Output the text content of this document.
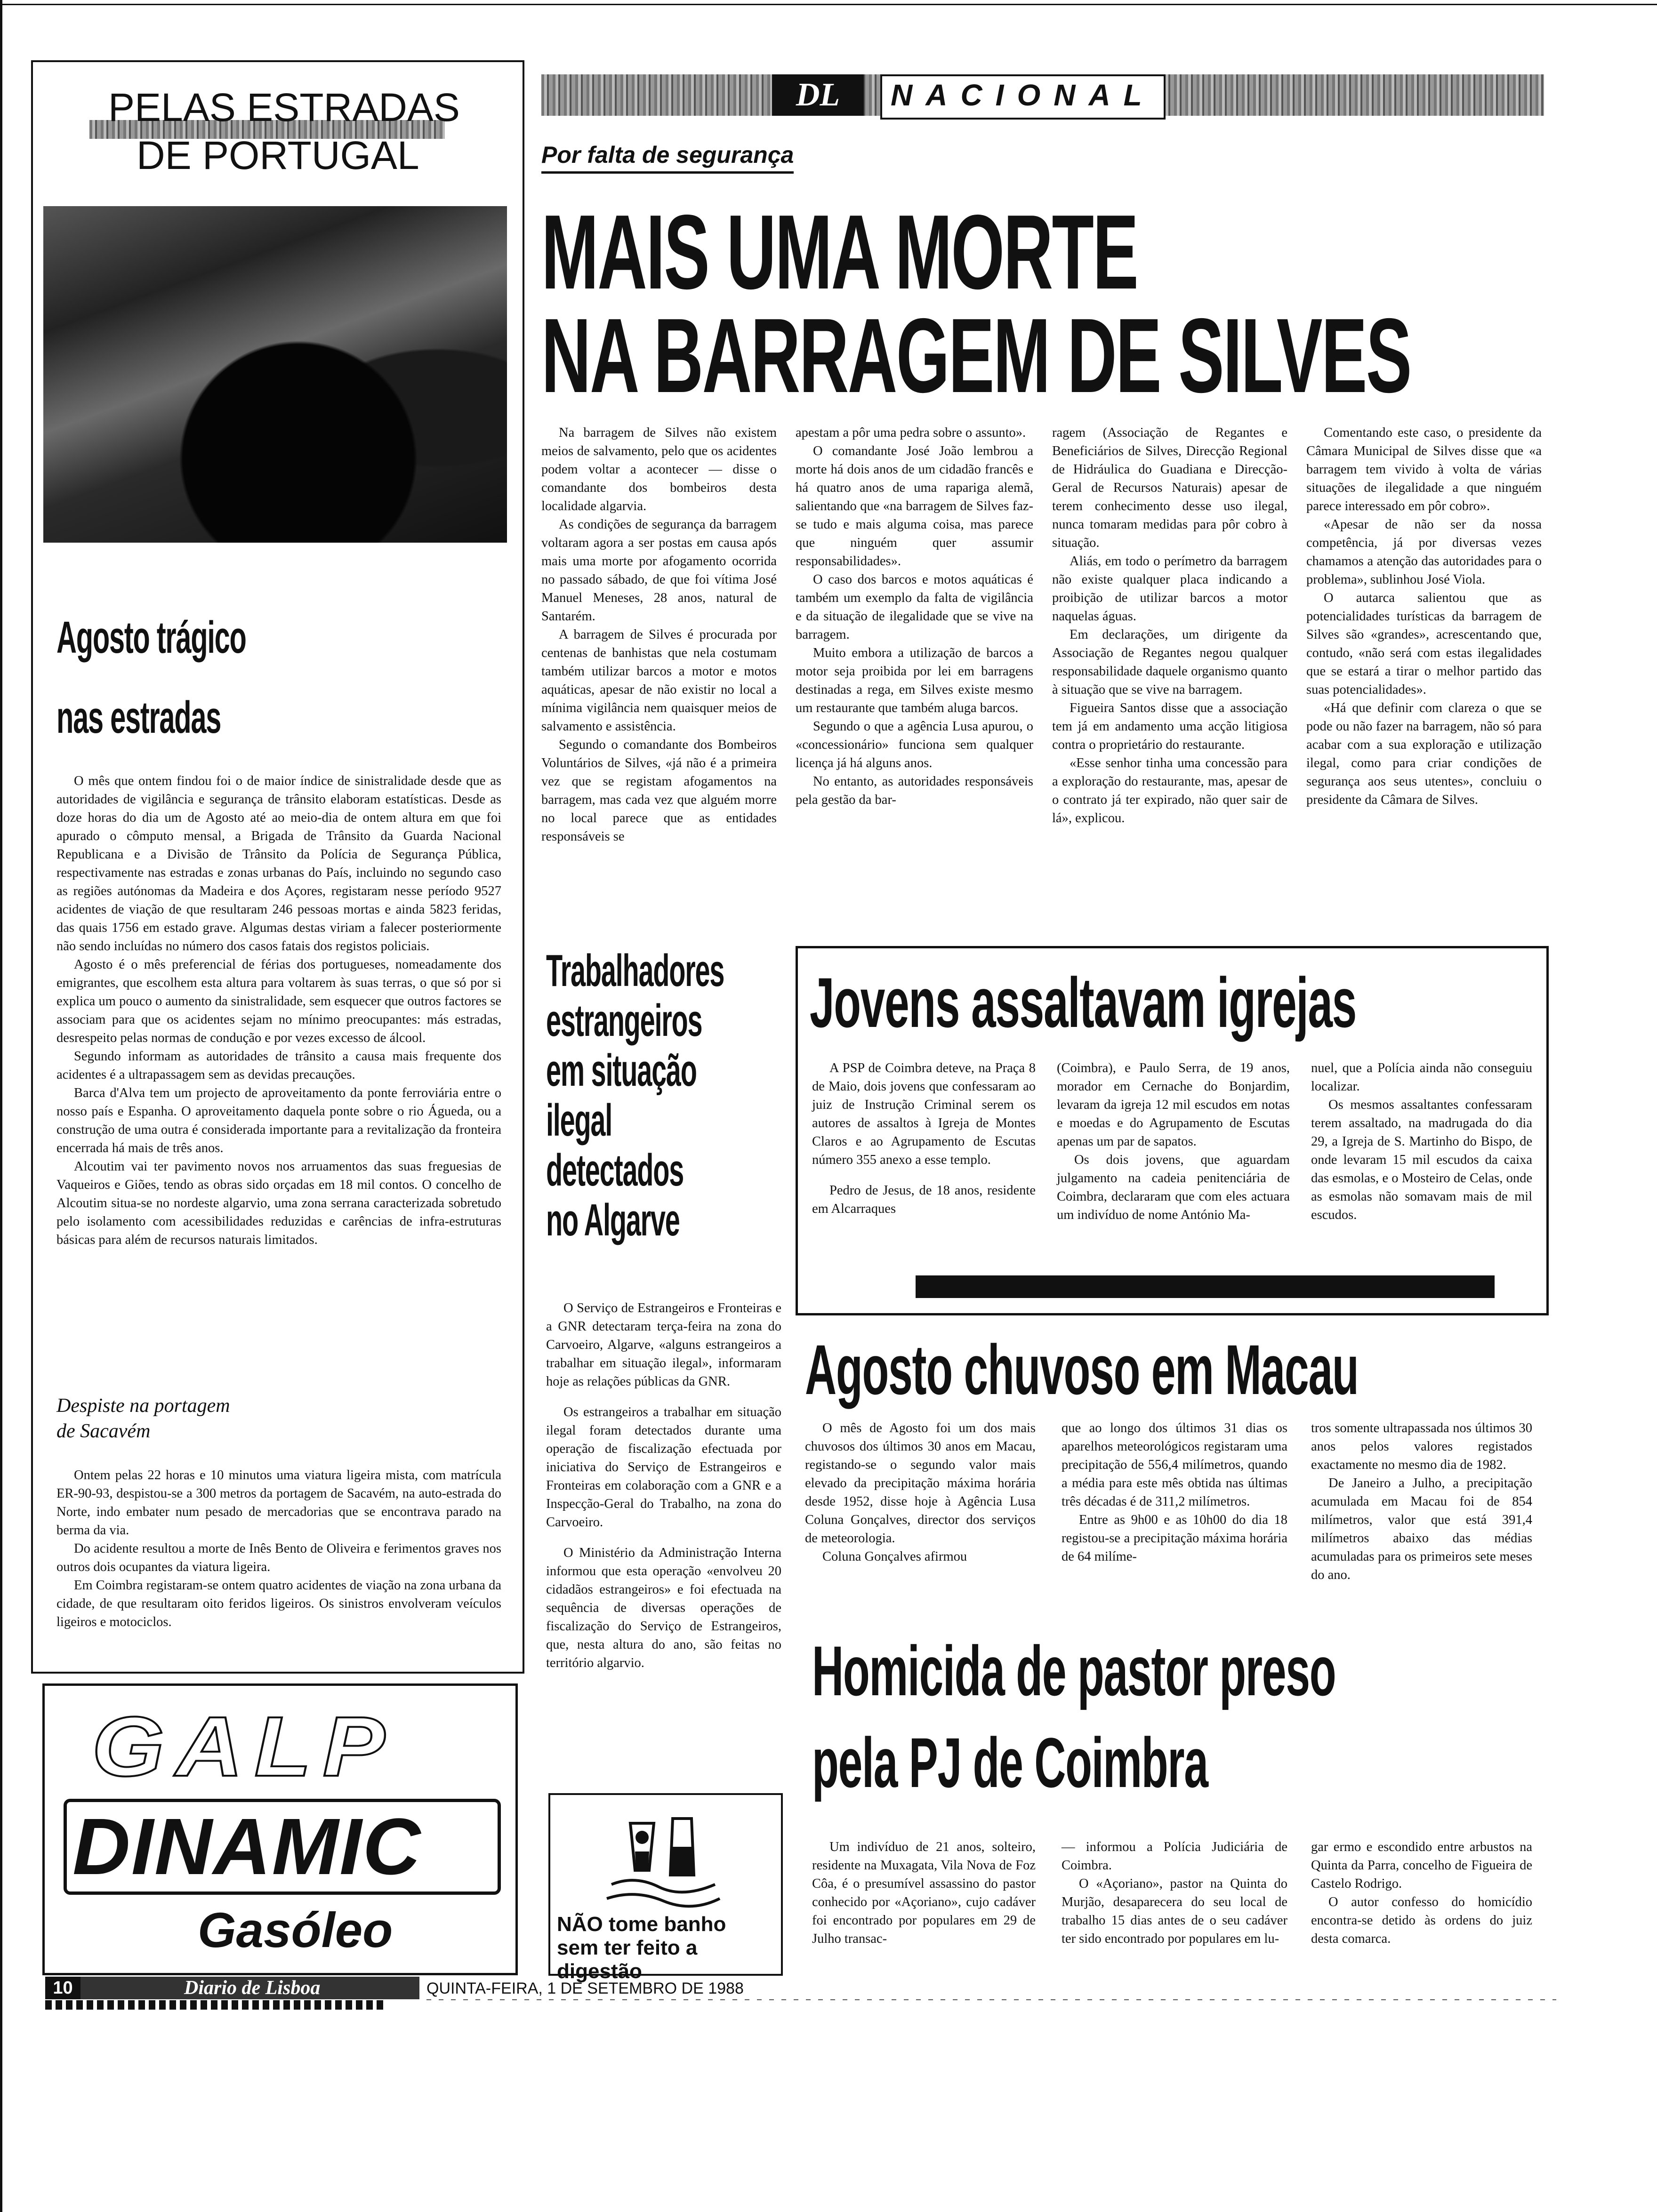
PELAS ESTRADAS
DE PORTUGAL
Agosto trágico
nas estradas

O mês que ontem findou foi o de maior índice de sinistralidade desde que as autoridades de vigilância e segurança de trânsito elaboram estatísticas. Desde as doze horas do dia um de Agosto até ao meio-dia de ontem altura em que foi apurado o cômputo mensal, a Brigada de Trânsito da Guarda Nacional Republicana e a Divisão de Trânsito da Polícia de Segurança Pública, respectivamente nas estradas e zonas urbanas do País, incluindo no segundo caso as regiões autónomas da Madeira e dos Açores, registaram nesse período 9527 acidentes de viação de que resultaram 246 pessoas mortas e ainda 5823 feridas, das quais 1756 em estado grave. Algumas destas viriam a falecer posteriormente não sendo incluídas no número dos casos fatais dos registos policiais.

Agosto é o mês preferencial de férias dos portugueses, nomeadamente dos emigrantes, que escolhem esta altura para voltarem às suas terras, o que só por si explica um pouco o aumento da sinistralidade, sem esquecer que outros factores se associam para que os acidentes sejam no mínimo preocupantes: más estradas, desrespeito pelas normas de condução e por vezes excesso de álcool.

Segundo informam as autoridades de trânsito a causa mais frequente dos acidentes é a ultrapassagem sem as devidas precauções.

Barca d'Alva tem um projecto de aproveitamento da ponte ferroviária entre o nosso país e Espanha. O aproveitamento daquela ponte sobre o rio Águeda, ou a construção de uma outra é considerada importante para a revitalização da fronteira encerrada há mais de três anos.

Alcoutim vai ter pavimento novos nos arruamentos das suas freguesias de Vaqueiros e Giões, tendo as obras sido orçadas em 18 mil contos. O concelho de Alcoutim situa-se no nordeste algarvio, uma zona serrana caracterizada sobretudo pelo isolamento com acessibilidades reduzidas e carências de infra-estruturas básicas para além de recursos naturais limitados.

Despiste na portagem
de Sacavém

Ontem pelas 22 horas e 10 minutos uma viatura ligeira mista, com matrícula ER-90-93, despistou-se a 300 metros da portagem de Sacavém, na auto-estrada do Norte, indo embater num pesado de mercadorias que se encontrava parado na berma da via.

Do acidente resultou a morte de Inês Bento de Oliveira e ferimentos graves nos outros dois ocupantes da viatura ligeira.

Em Coimbra registaram-se ontem quatro acidentes de viação na zona urbana da cidade, de que resultaram oito feridos ligeiros. Os sinistros envolveram veículos ligeiros e motociclos.

GALP
DINAMIC
Gasóleo
DL	NACIONAL
Por falta de segurança
MAIS UMA MORTE
NA BARRAGEM DE SILVES

Na barragem de Silves não existem meios de salvamento, pelo que os acidentes podem voltar a acontecer — disse o comandante dos bombeiros desta localidade algarvia.

As condições de segurança da barragem voltaram agora a ser postas em causa após mais uma morte por afogamento ocorrida no passado sábado, de que foi vítima José Manuel Meneses, 28 anos, natural de Santarém.

A barragem de Silves é procurada por centenas de banhistas que nela costumam também utilizar barcos a motor e motos aquáticas, apesar de não existir no local a mínima vigilância nem quaisquer meios de salvamento e assistência.

Segundo o comandante dos Bombeiros Voluntários de Silves, «já não é a primeira vez que se registam afogamentos na barragem, mas cada vez que alguém morre no local parece que as entidades responsáveis se

apestam a pôr uma pedra sobre o assunto».

O comandante José João lembrou a morte há dois anos de um cidadão francês e há quatro anos de uma rapariga alemã, salientando que «na barragem de Silves faz-se tudo e mais alguma coisa, mas parece que ninguém quer assumir responsabilidades».

O caso dos barcos e motos aquáticas é também um exemplo da falta de vigilância e da situação de ilegalidade que se vive na barragem.

Muito embora a utilização de barcos a motor seja proibida por lei em barragens destinadas a rega, em Silves existe mesmo um restaurante que também aluga barcos.

Segundo o que a agência Lusa apurou, o «concessionário» funciona sem qualquer licença já há alguns anos.

No entanto, as autoridades responsáveis pela gestão da bar-

ragem (Associação de Regantes e Beneficiários de Silves, Direcção Regional de Hidráulica do Guadiana e Direcção-Geral de Recursos Naturais) apesar de terem conhecimento desse uso ilegal, nunca tomaram medidas para pôr cobro à situação.

Aliás, em todo o perímetro da barragem não existe qualquer placa indicando a proibição de utilizar barcos a motor naquelas águas.

Em declarações, um dirigente da Associação de Regantes negou qualquer responsabilidade daquele organismo quanto à situação que se vive na barragem.

Figueira Santos disse que a associação tem já em andamento uma acção litigiosa contra o proprietário do restaurante.

«Esse senhor tinha uma concessão para a exploração do restaurante, mas, apesar de o contrato já ter expirado, não quer sair de lá», explicou.

Comentando este caso, o presidente da Câmara Municipal de Silves disse que «a barragem tem vivido à volta de várias situações de ilegalidade a que ninguém parece interessado em pôr cobro».

«Apesar de não ser da nossa competência, já por diversas vezes chamamos a atenção das autoridades para o problema», sublinhou José Viola.

O autarca salientou que as potencialidades turísticas da barragem de Silves são «grandes», acrescentando que, contudo, «não será com estas ilegalidades que se estará a tirar o melhor partido das suas potencialidades».

«Há que definir com clareza o que se pode ou não fazer na barragem, não só para acabar com a sua exploração e utilização ilegal, como para criar condições de segurança aos seus utentes», concluiu o presidente da Câmara de Silves.

Trabalhadores
estrangeiros
em situação
ilegal
detectados
no Algarve

O Serviço de Estrangeiros e Fronteiras e a GNR detectaram terça-feira na zona do Carvoeiro, Algarve, «alguns estrangeiros a trabalhar em situação ilegal», informaram hoje as relações públicas da GNR.

Os estrangeiros a trabalhar em situação ilegal foram detectados durante uma operação de fiscalização efectuada por iniciativa do Serviço de Estrangeiros e Fronteiras em colaboração com a GNR e a Inspecção-Geral do Trabalho, na zona do Carvoeiro.

O Ministério da Administração Interna informou que esta operação «envolveu 20 cidadãos estrangeiros» e foi efectuada na sequência de diversas operações de fiscalização do Serviço de Estrangeiros, que, nesta altura do ano, são feitas no território algarvio.

NÃO tome banho
sem ter feito a digestão
Jovens assaltavam igrejas

A PSP de Coimbra deteve, na Praça 8 de Maio, dois jovens que confessaram ao juiz de Instrução Criminal serem os autores de assaltos à Igreja de Montes Claros e ao Agrupamento de Escutas número 355 anexo a esse templo.

Pedro de Jesus, de 18 anos, residente em Alcarraques

(Coimbra), e Paulo Serra, de 19 anos, morador em Cernache do Bonjardim, levaram da igreja 12 mil escudos em notas e moedas e do Agrupamento de Escutas apenas um par de sapatos.

Os dois jovens, que aguardam julgamento na cadeia penitenciária de Coimbra, declararam que com eles actuara um indivíduo de nome António Ma-

nuel, que a Polícia ainda não conseguiu localizar.

Os mesmos assaltantes confessaram terem assaltado, na madrugada do dia 29, a Igreja de S. Martinho do Bispo, de onde levaram 15 mil escudos da caixa das esmolas, e o Mosteiro de Celas, onde as esmolas não somavam mais de mil escudos.

Agosto chuvoso em Macau

O mês de Agosto foi um dos mais chuvosos dos últimos 30 anos em Macau, registando-se o segundo valor mais elevado da precipitação máxima horária desde 1952, disse hoje à Agência Lusa Coluna Gonçalves, director dos serviços de meteorologia.

Coluna Gonçalves afirmou

que ao longo dos últimos 31 dias os aparelhos meteorológicos registaram uma precipitação de 556,4 milímetros, quando a média para este mês obtida nas últimas três décadas é de 311,2 milímetros.

Entre as 9h00 e as 10h00 do dia 18 registou-se a precipitação máxima horária de 64 milíme-

tros somente ultrapassada nos últimos 30 anos pelos valores registados exactamente no mesmo dia de 1982.

De Janeiro a Julho, a precipitação acumulada em Macau foi de 854 milímetros, valor que está 391,4 milímetros abaixo das médias acumuladas para os primeiros sete meses do ano.

Homicida de pastor preso
pela PJ de Coimbra

Um indivíduo de 21 anos, solteiro, residente na Muxagata, Vila Nova de Foz Côa, é o presumível assassino do pastor conhecido por «Açoriano», cujo cadáver foi encontrado por populares em 29 de Julho transac-

— informou a Polícia Judiciária de Coimbra.

O «Açoriano», pastor na Quinta do Murjão, desaparecera do seu local de trabalho 15 dias antes de o seu cadáver ter sido encontrado por populares em lu-

gar ermo e escondido entre arbustos na Quinta da Parra, concelho de Figueira de Castelo Rodrigo.

O autor confesso do homicídio encontra-se detido às ordens do juiz desta comarca.

10	Diario de Lisboa	QUINTA-FEIRA, 1 DE SETEMBRO DE 1988
